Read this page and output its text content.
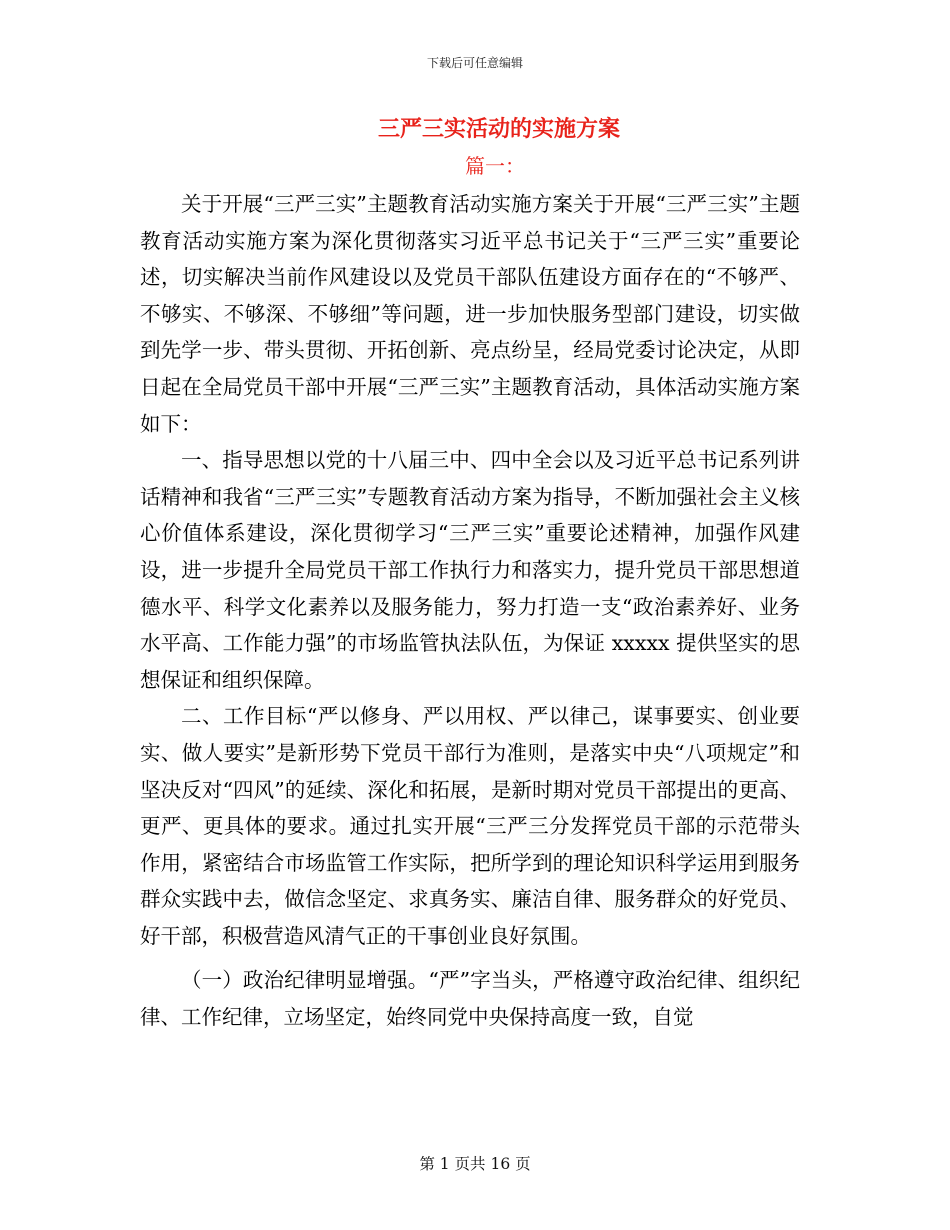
下载后可任意编辑
三严三实活动的实施方案
篇一：

关于开展“三严三实”主题教育活动实施方案关于开展“三严三实”主题教育活动实施方案为深化贯彻落实习近平总书记关于“三严三实”重要论述，切实解决当前作风建设以及党员干部队伍建设方面存在的“不够严、不够实、不够深、不够细”等问题，进一步加快服务型部门建设，切实做到先学一步、带头贯彻、开拓创新、亮点纷呈，经局党委讨论决定，从即日起在全局党员干部中开展“三严三实”主题教育活动，具体活动实施方案如下：

一、指导思想以党的十八届三中、四中全会以及习近平总书记系列讲话精神和我省“三严三实”专题教育活动方案为指导，不断加强社会主义核心价值体系建设，深化贯彻学习“三严三实”重要论述精神，加强作风建设，进一步提升全局党员干部工作执行力和落实力，提升党员干部思想道德水平、科学文化素养以及服务能力，努力打造一支“政治素养好、业务水平高、工作能力强”的市场监管执法队伍，为保证 xxxxx 提供坚实的思想保证和组织保障。

二、工作目标“严以修身、严以用权、严以律己，谋事要实、创业要实、做人要实”是新形势下党员干部行为准则，是落实中央“八项规定”和坚决反对“四风”的延续、深化和拓展，是新时期对党员干部提出的更高、更严、更具体的要求。通过扎实开展“三严三分发挥党员干部的示范带头作用，紧密结合市场监管工作实际，把所学到的理论知识科学运用到服务群众实践中去，做信念坚定、求真务实、廉洁自律、服务群众的好党员、好干部，积极营造风清气正的干事创业良好氛围。

（一）政治纪律明显增强。“严”字当头，严格遵守政治纪律、组织纪律、工作纪律，立场坚定，始终同党中央保持高度一致，自觉

第 1 页共 16 页
